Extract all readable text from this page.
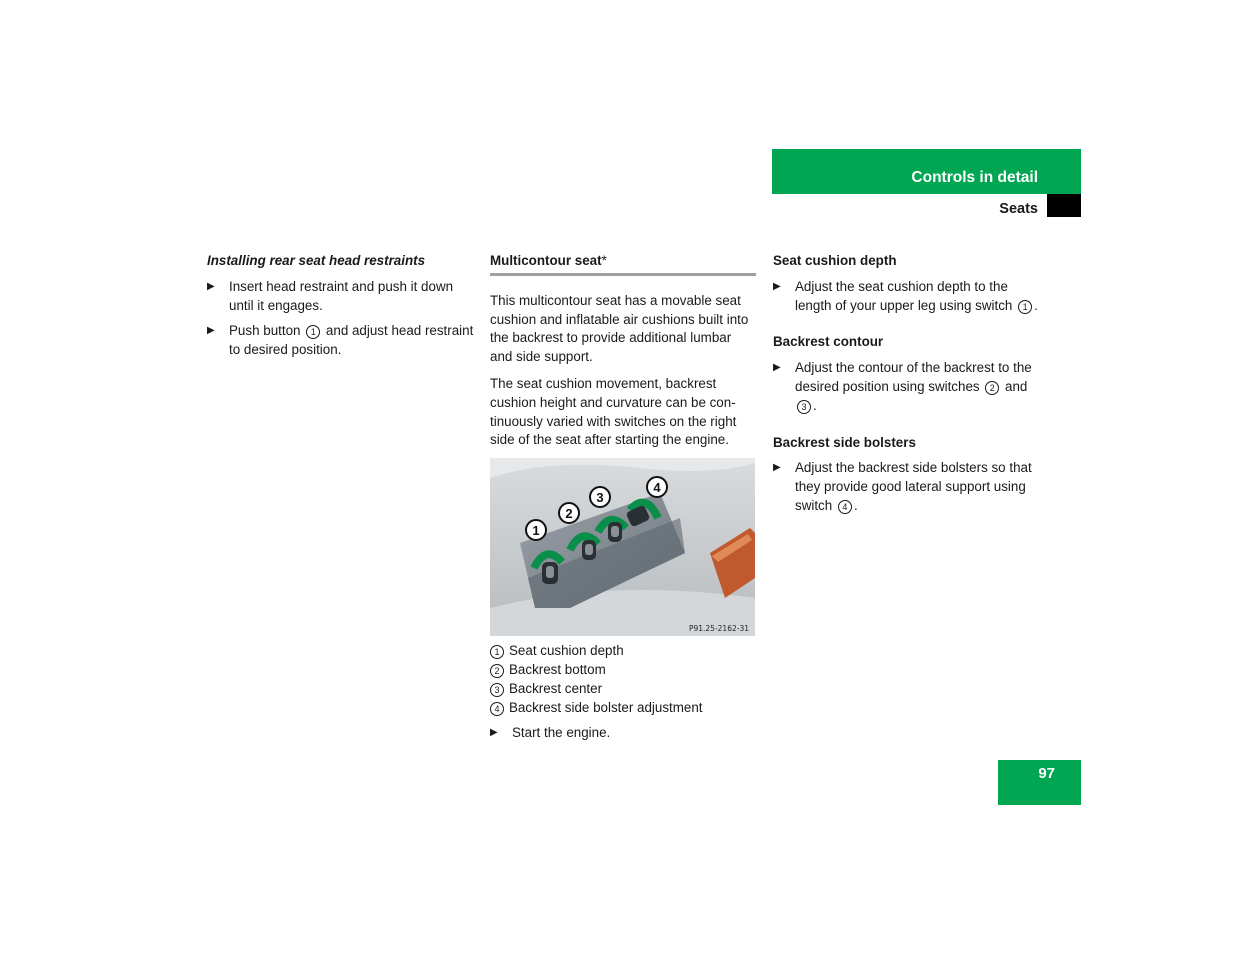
Controls in detail
Seats
Installing rear seat head restraints
▶ Insert head restraint and push it down until it engages.
▶ Push button 1 and adjust head restraint to desired position.
Multicontour seat*

This multicontour seat has a movable seat cushion and inflatable air cushions built into the backrest to provide additional lumbar and side support.

The seat cushion movement, backrest cushion height and curvature can be con-tinuously varied with switches on the right side of the seat after starting the engine.

1
2
3
4
P91.25-2162-31
1 Seat cushion depth
2 Backrest bottom
3 Backrest center
4 Backrest side bolster adjustment
▶ Start the engine.
Seat cushion depth
▶ Adjust the seat cushion depth to the length of your upper leg using switch 1 .
Backrest contour
▶ Adjust the contour of the backrest to the desired position using switches 2 and 3 .
Backrest side bolsters
▶ Adjust the backrest side bolsters so that they provide good lateral support using switch 4 .
97
